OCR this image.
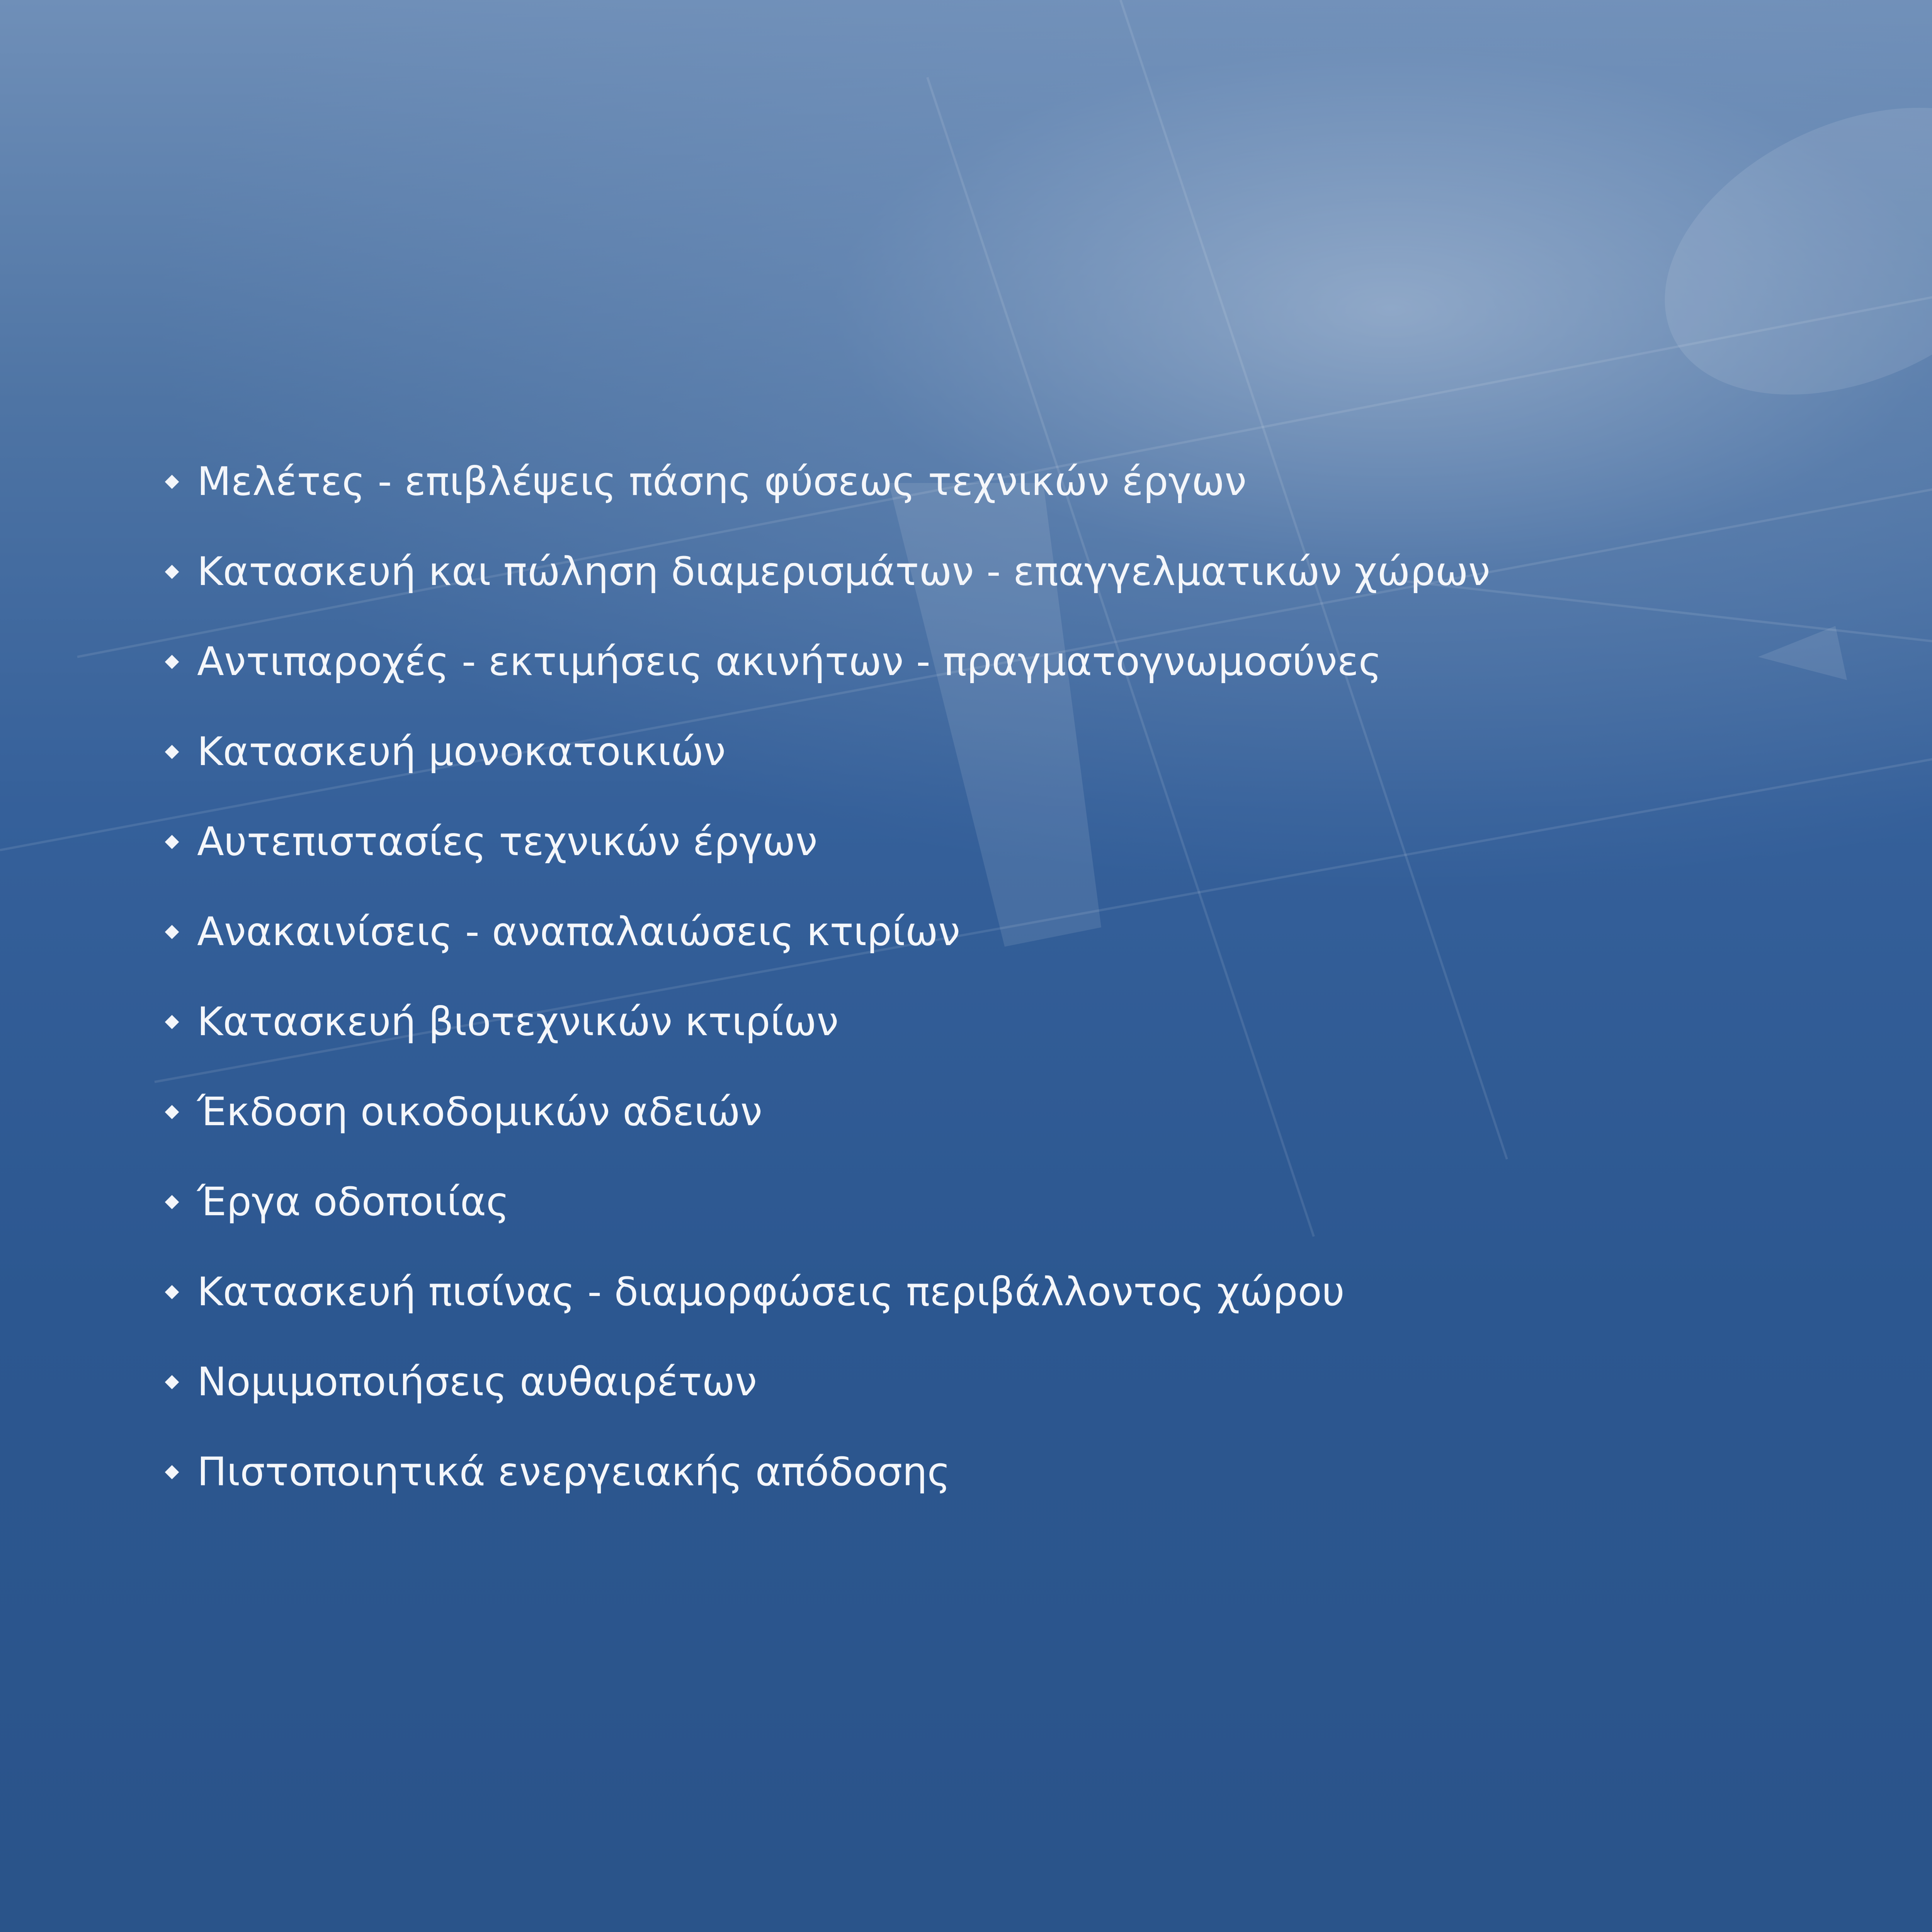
Μελέτες - επιβλέψεις πάσης φύσεως τεχνικών έργων
Κατασκευή και πώληση διαμερισμάτων - επαγγελματικών χώρων
Αντιπαροχές - εκτιμήσεις ακινήτων - πραγματογνωμοσύνες
Κατασκευή μονοκατοικιών
Αυτεπιστασίες τεχνικών έργων
Ανακαινίσεις - αναπαλαιώσεις κτιρίων
Κατασκευή βιοτεχνικών κτιρίων
Έκδοση οικοδομικών αδειών
Έργα οδοποιίας
Κατασκευή πισίνας - διαμορφώσεις περιβάλλοντος χώρου
Νομιμοποιήσεις αυθαιρέτων
Πιστοποιητικά ενεργειακής απόδοσης
